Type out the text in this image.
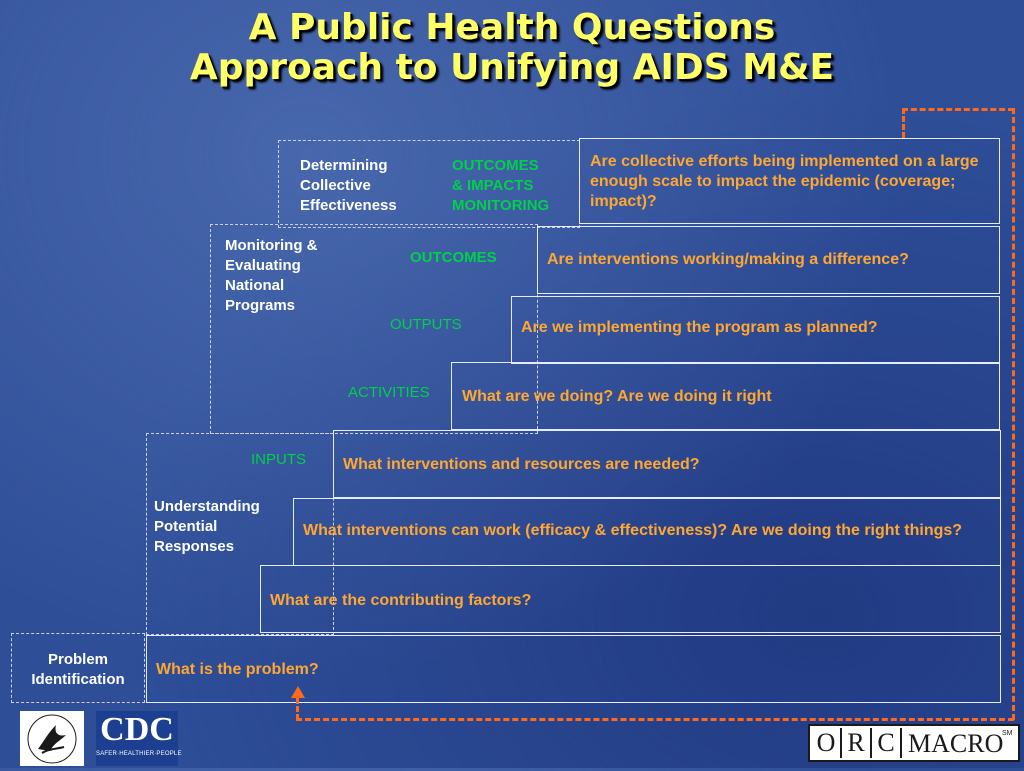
A Public Health Questions
Approach to Unifying AIDS M&E
Determining
Collective
Effectiveness
Monitoring &
Evaluating
National
Programs
Understanding
Potential
Responses
Problem
Identification
OUTCOMES
& IMPACTS
MONITORING
OUTCOMES
OUTPUTS
ACTIVITIES
INPUTS
Are collective efforts being implemented on a large
enough scale to impact the epidemic (coverage;
impact)?
Are interventions working/making a difference?
Are we implementing the program as planned?
What are we doing? Are we doing it right
What interventions and resources are needed?
What interventions can work (efficacy & effectiveness)? Are we doing the right things?
What are the contributing factors?
What is the problem?
CDC
SAFER·HEALTHIER·PEOPLE	O R C MACRO
SM
